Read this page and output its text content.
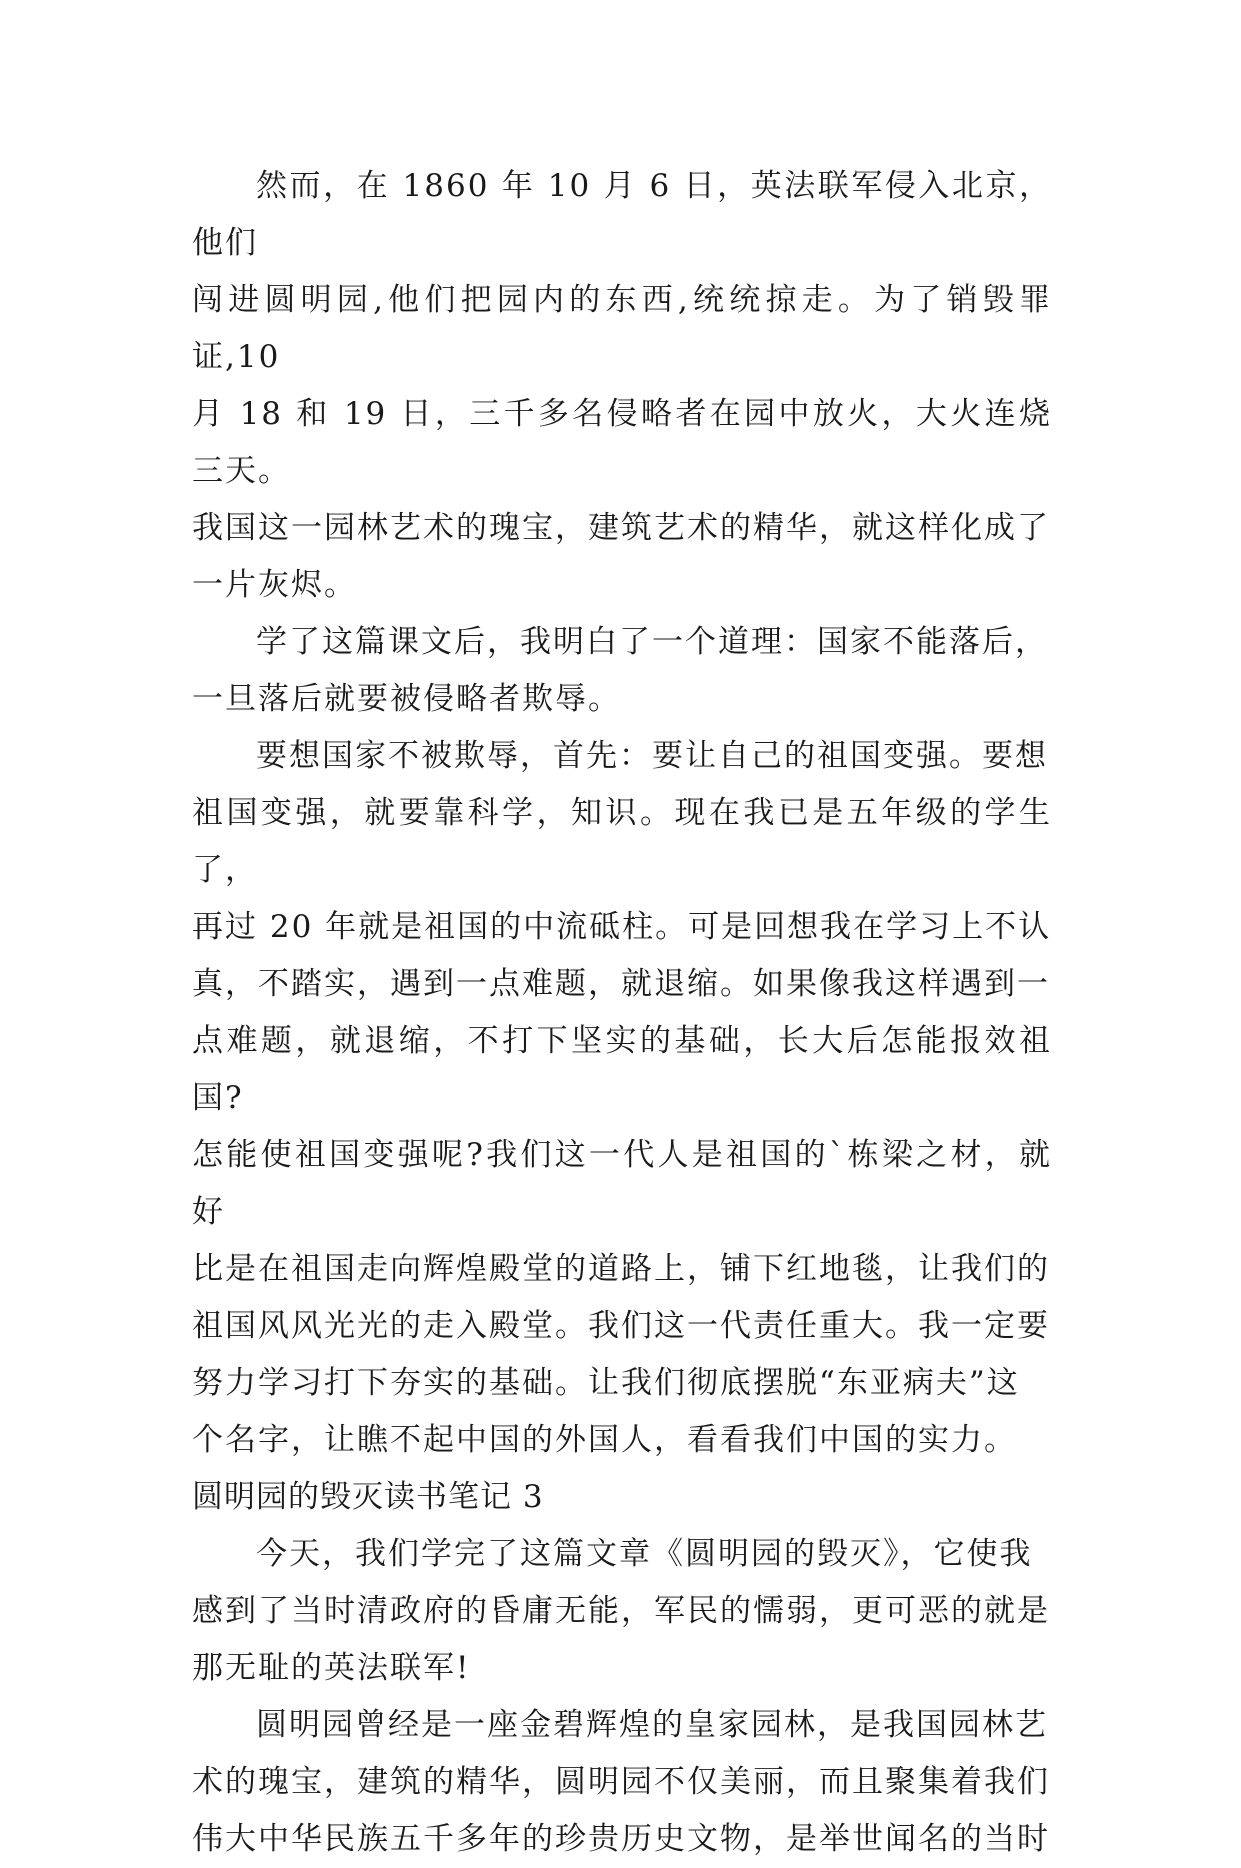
然而，在 1860 年 10 月 6 日，英法联军侵入北京，他们
闯进圆明园,他们把园内的东西,统统掠走。为了销毁罪证,10
月 18 和 19 日，三千多名侵略者在园中放火，大火连烧三天。
我国这一园林艺术的瑰宝，建筑艺术的精华，就这样化成了
一片灰烬。

学了这篇课文后，我明白了一个道理：国家不能落后，
一旦落后就要被侵略者欺辱。

要想国家不被欺辱，首先：要让自己的祖国变强。要想
祖国变强，就要靠科学，知识。现在我已是五年级的学生了，
再过 20 年就是祖国的中流砥柱。可是回想我在学习上不认
真，不踏实，遇到一点难题，就退缩。如果像我这样遇到一
点难题，就退缩，不打下坚实的基础，长大后怎能报效祖国?
怎能使祖国变强呢?我们这一代人是祖国的`栋梁之材，就好
比是在祖国走向辉煌殿堂的道路上，铺下红地毯，让我们的
祖国风风光光的走入殿堂。我们这一代责任重大。我一定要
努力学习打下夯实的基础。让我们彻底摆脱“东亚病夫”这
个名字，让瞧不起中国的外国人，看看我们中国的实力。

圆明园的毁灭读书笔记 3

今天，我们学完了这篇文章《圆明园的毁灭》，它使我
感到了当时清政府的昏庸无能，军民的懦弱，更可恶的就是
那无耻的英法联军!

圆明园曾经是一座金碧辉煌的皇家园林，是我国园林艺
术的瑰宝，建筑的精华，圆明园不仅美丽，而且聚集着我们
伟大中华民族五千多年的珍贵历史文物，是举世闻名的当时
